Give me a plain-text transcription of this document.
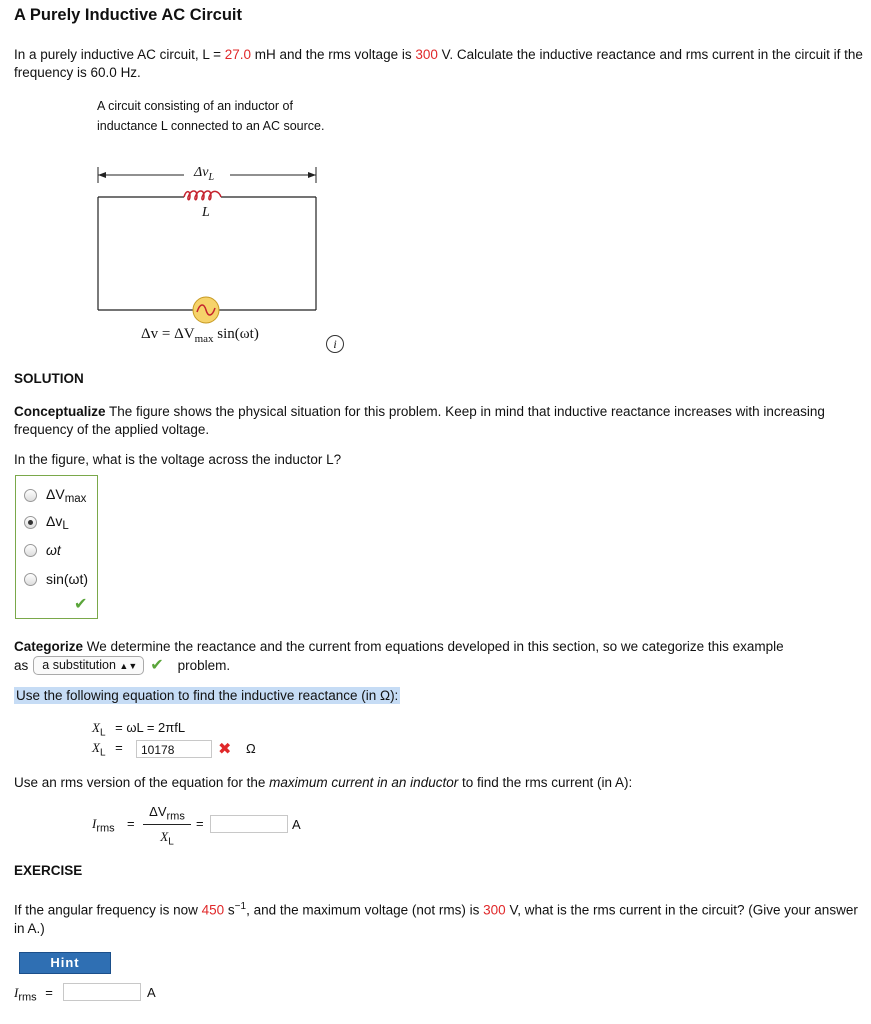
A Purely Inductive AC Circuit
In a purely inductive AC circuit, L = 27.0 mH and the rms voltage is 300 V. Calculate the inductive reactance and rms current in the circuit if the frequency is 60.0 Hz.
A circuit consisting of an inductor of inductance L connected to an AC source.
$\Delta v_L$
L
$\Delta v = \Delta V_{max}$ sin(ωt)
i
SOLUTION
Conceptualize The figure shows the physical situation for this problem. Keep in mind that inductive reactance increases with increasing frequency of the applied voltage.
In the figure, what is the voltage across the inductor L?
$\Delta V_{max}$
$\Delta v_L$
ωt
sin(ωt)
✔
Categorize We determine the reactance and the current from equations developed in this section, so we categorize this example
as	a substitution ▲▼ ✔ problem.
Use the following equation to find the inductive reactance (in Ω):
$X_L = \omega L = 2\pi fL$
$X_L$ =	10178	✖ Ω
Use an rms version of the equation for the maximum current in an inductor to find the rms current (in A):
$I_{rms}$ =
$\Delta V_{rms}$
$X_L$
=	A
EXERCISE
If the angular frequency is now 450 $s^{-1}$, and the maximum voltage (not rms) is 300 V, what is the rms current in the circuit? (Give your answer in A.)
Hint
$I_{rms}$ =	A
